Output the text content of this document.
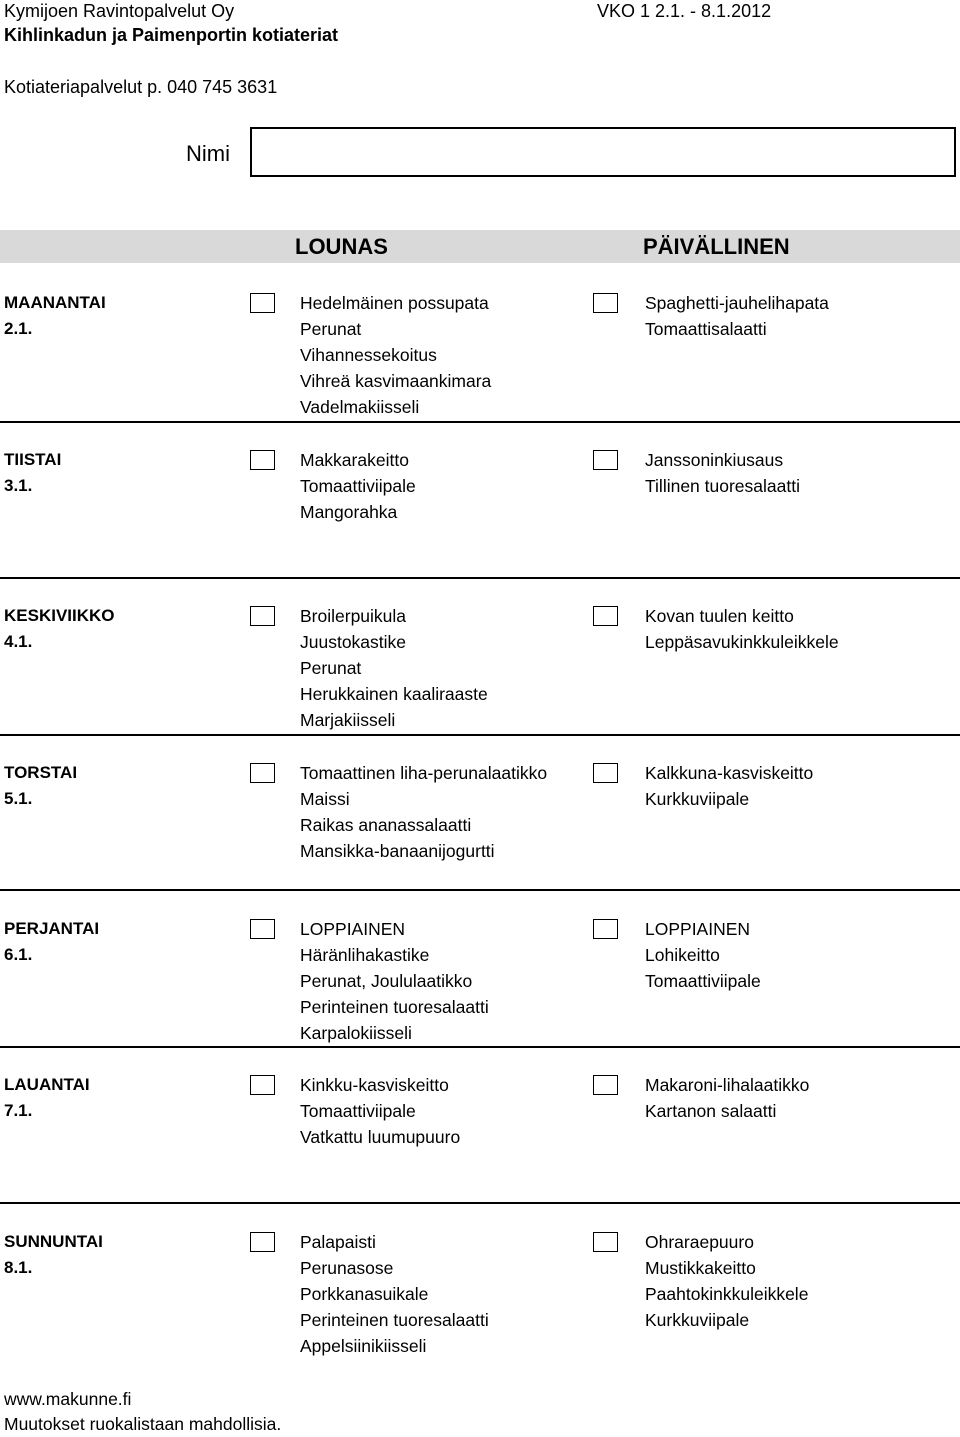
Kymijoen Ravintopalvelut Oy	VKO 1 2.1. - 8.1.2012
Kihlinkadun ja Paimenportin kotiateriat
Kotiateriapalvelut p. 040 745 3631
Nimi
LOUNAS	PÄIVÄLLINEN
MAANANTAI
2.1.
Hedelmäinen possupata
Perunat
Vihannessekoitus
Vihreä kasvimaankimara
Vadelmakiisseli
Spaghetti-jauhelihapata
Tomaattisalaatti
TIISTAI
3.1.
Makkarakeitto
Tomaattiviipale
Mangorahka
Janssoninkiusaus
Tillinen tuoresalaatti
KESKIVIIKKO
4.1.
Broilerpuikula
Juustokastike
Perunat
Herukkainen kaaliraaste
Marjakiisseli
Kovan tuulen keitto
Leppäsavukinkkuleikkele
TORSTAI
5.1.
Tomaattinen liha-perunalaatikko
Maissi
Raikas ananassalaatti
Mansikka-banaanijogurtti
Kalkkuna-kasviskeitto
Kurkkuviipale
PERJANTAI
6.1.
LOPPIAINEN
Häränlihakastike
Perunat, Joululaatikko
Perinteinen tuoresalaatti
Karpalokiisseli
LOPPIAINEN
Lohikeitto
Tomaattiviipale
LAUANTAI
7.1.
Kinkku-kasviskeitto
Tomaattiviipale
Vatkattu luumupuuro
Makaroni-lihalaatikko
Kartanon salaatti
SUNNUNTAI
8.1.
Palapaisti
Perunasose
Porkkanasuikale
Perinteinen tuoresalaatti
Appelsiinikiisseli
Ohraraepuuro
Mustikkakeitto
Paahtokinkkuleikkele
Kurkkuviipale
www.makunne.fi
Muutokset ruokalistaan mahdollisia.
